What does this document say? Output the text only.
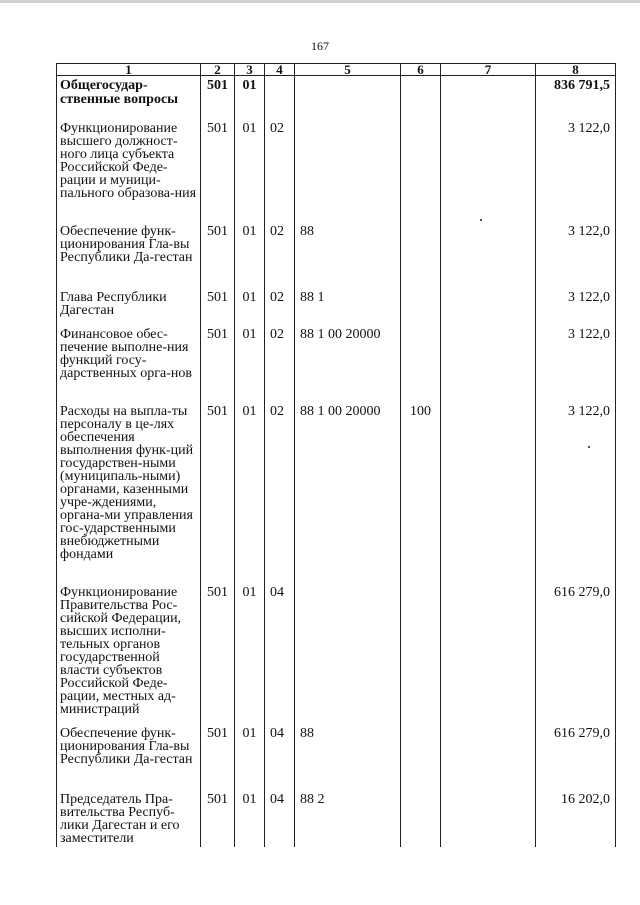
167
1	2	3	4	5	6	7	8
Общегосудар-ственные вопросы	501	01					836 791,5
Функционирование высшего должност-ного лица субъекта Российской Феде-рации и муници-пального образова-ния	501	01	02				3 122,0
Обеспечение функ-ционирования Гла-вы Республики Да-гестан	501	01	02	88			3 122,0
Глава Республики Дагестан	501	01	02	88 1			3 122,0
Финансовое обес-печение выполне-ния функций госу-дарственных орга-нов	501	01	02	88 1 00 20000			3 122,0
Расходы на выпла-ты персоналу в це-лях обеспечения выполнения функ-ций государствен-ными (муниципаль-ными) органами, казенными учре-ждениями, органа-ми управления гос-ударственными внебюджетными фондами	501	01	02	88 1 00 20000	100		3 122,0
Функционирование Правительства Рос-сийской Федерации, высших исполни-тельных органов государственной власти субъектов Российской Феде-рации, местных ад-министраций	501	01	04				616 279,0
Обеспечение функ-ционирования Гла-вы Республики Да-гестан	501	01	04	88			616 279,0
Председатель Пра-вительства Респуб-лики Дагестан и его заместители	501	01	04	88 2			16 202,0
